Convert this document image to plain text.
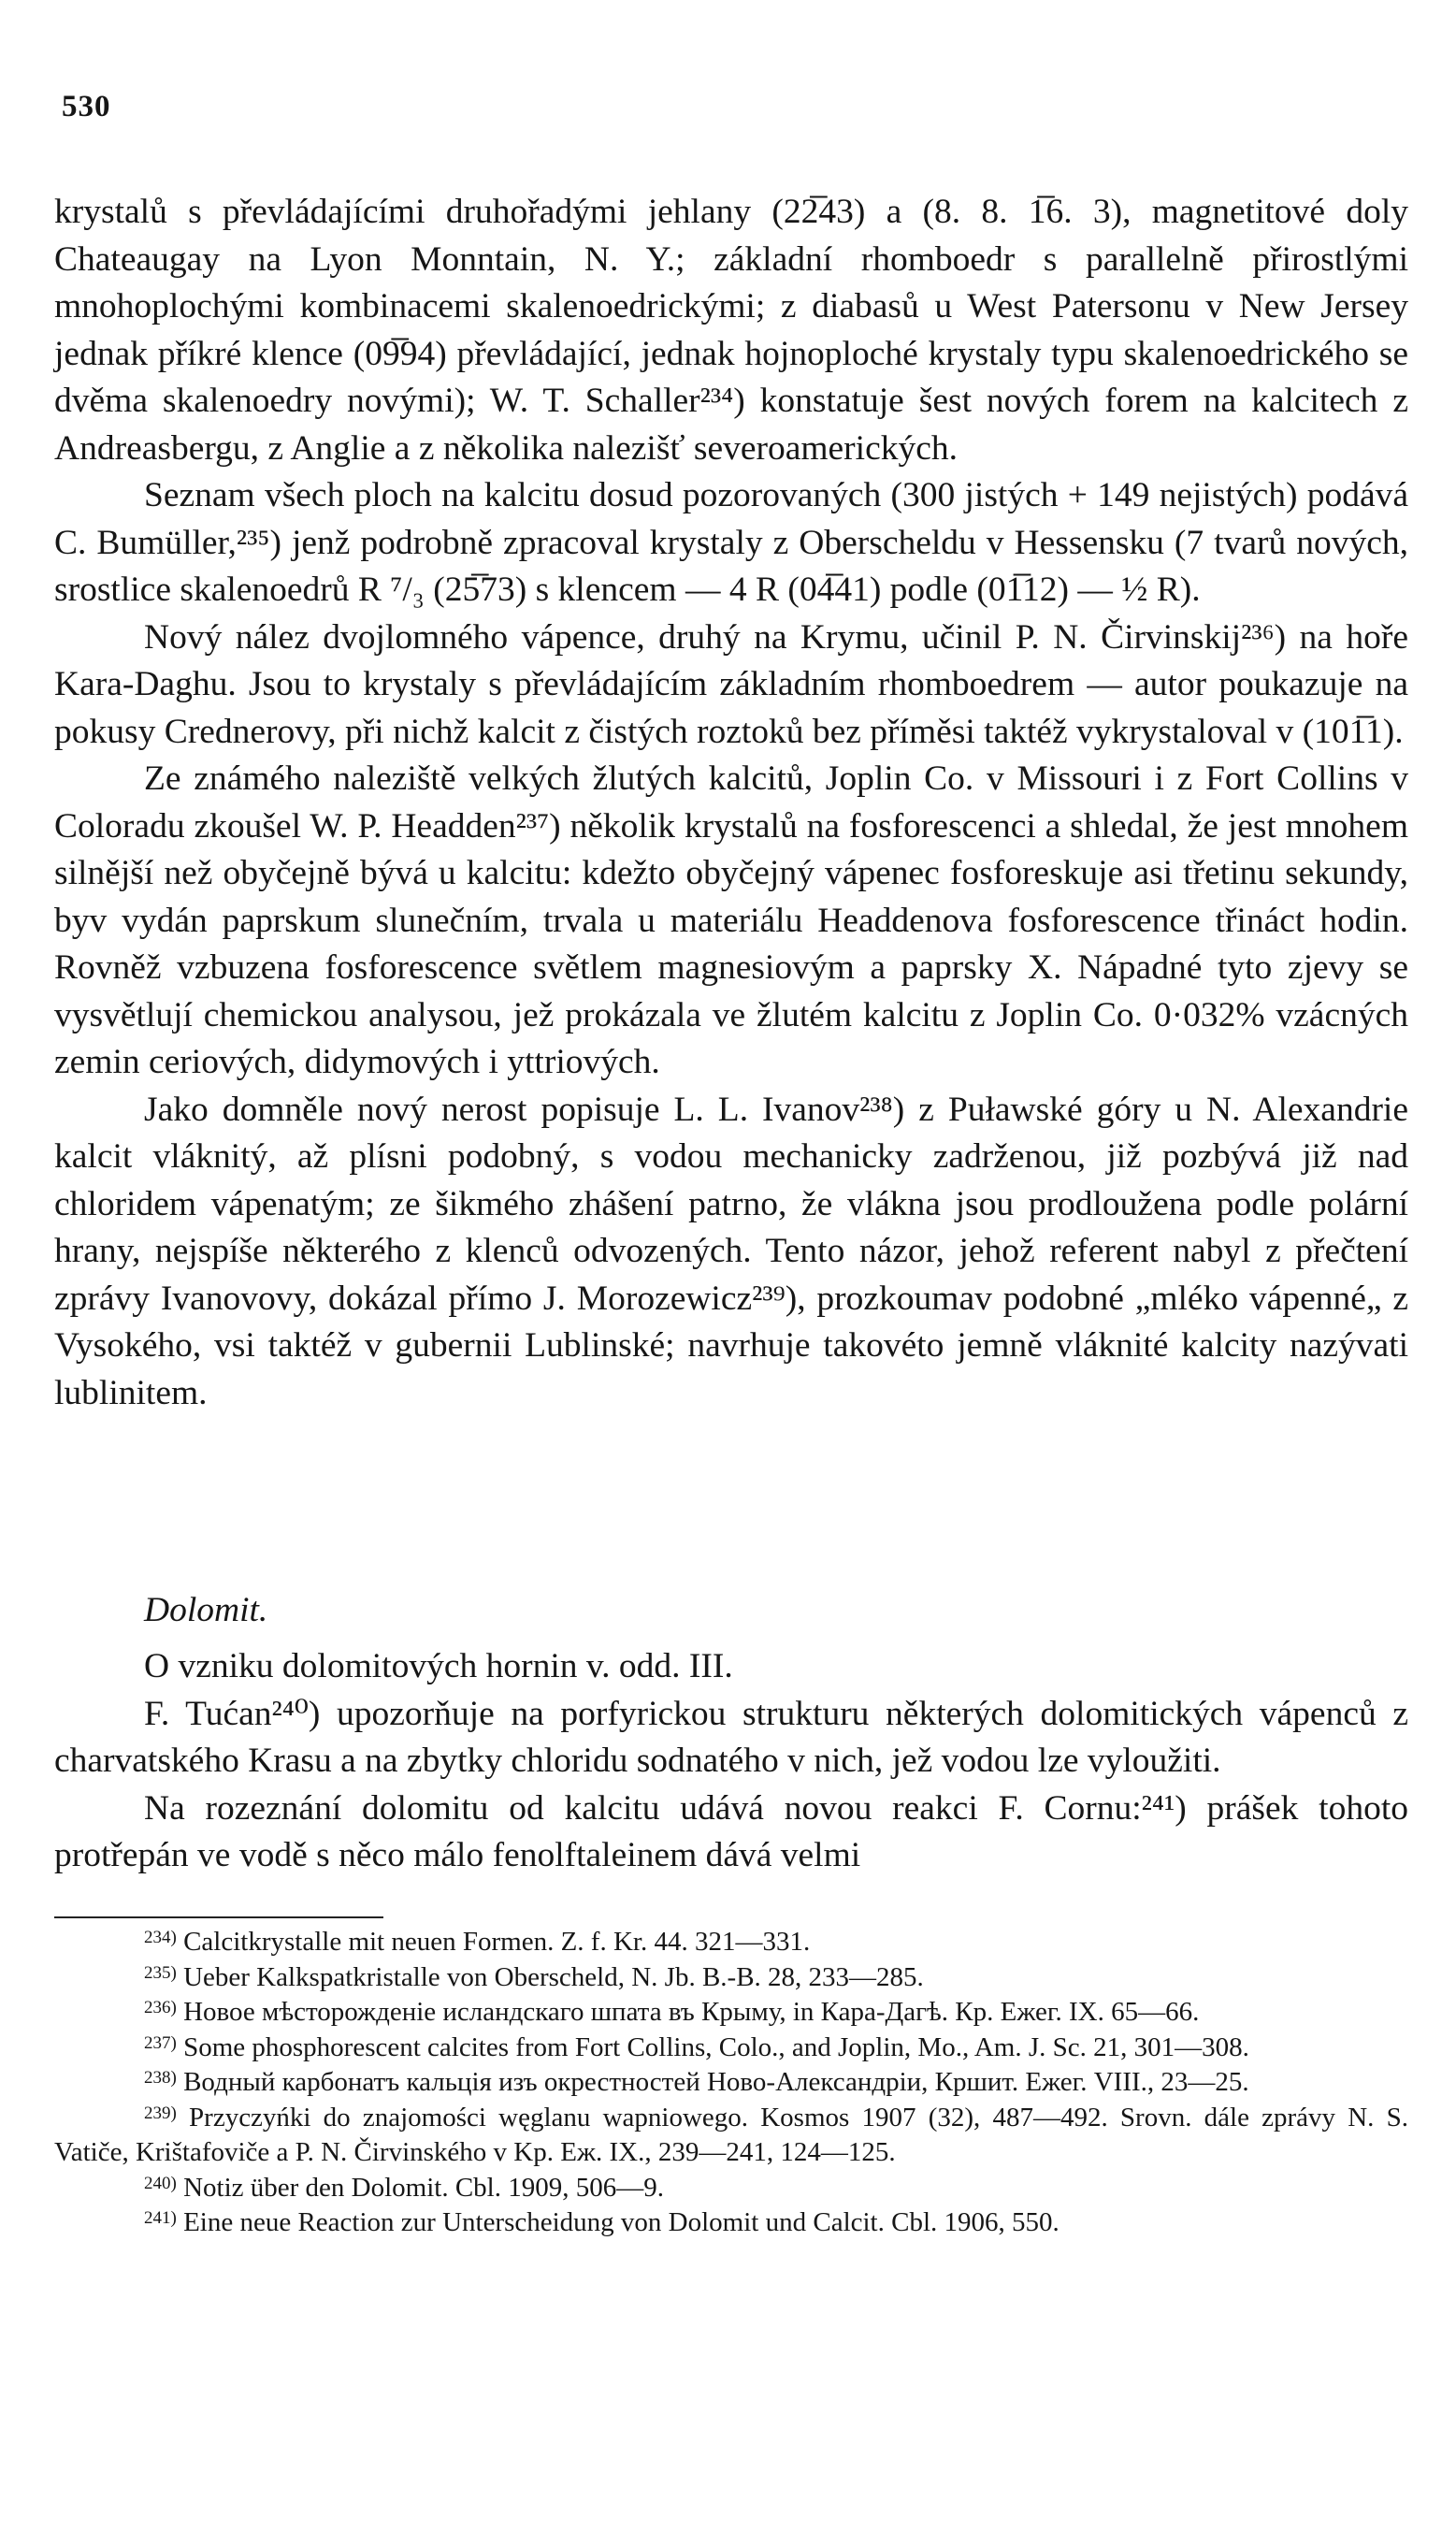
530

krystalů s převládajícími druhořadými jehlany (22̅43) a (8. 8. 1̅6. 3), magnetitové doly Chateaugay na Lyon Monntain, N. Y.; základní rhomboedr s parallelně přirostlými mnohoplochými kombinacemi skalenoedrickými; z diabasů u West Patersonu v New Jersey jednak příkré klence (09̅94) převládající, jednak hojnoploché krystaly typu skalenoedrického se dvěma skalenoedry novými); W. T. Schaller²³⁴) konstatuje šest nových forem na kalcitech z Andreasbergu, z Anglie a z několika nalezišť severoamerických.

Seznam všech ploch na kalcitu dosud pozorovaných (300 jistých + 149 nejistých) podává C. Bumüller,²³⁵) jenž podrobně zpracoval krystaly z Oberscheldu v Hessensku (7 tvarů nových, srostlice skalenoedrů R ⁷/₃ (25̅73) s klencem — 4 R (04̅41) podle (01̅12) — ½ R).

Nový nález dvojlomného vápence, druhý na Krymu, učinil P. N. Čirvinskij²³⁶) na hoře Kara-Daghu. Jsou to krystaly s převládajícím základním rhomboedrem — autor poukazuje na pokusy Crednerovy, při nichž kalcit z čistých roztoků bez příměsi taktéž vykrystaloval v (101̅1).

Ze známého naleziště velkých žlutých kalcitů, Joplin Co. v Missouri i z Fort Collins v Coloradu zkoušel W. P. Headden²³⁷) několik krystalů na fosforescenci a shledal, že jest mnohem silnější než obyčejně bývá u kalcitu: kdežto obyčejný vápenec fosforeskuje asi třetinu sekundy, byv vydán paprskum slunečním, trvala u materiálu Headdenova fosforescence třináct hodin. Rovněž vzbuzena fosforescence světlem magnesiovým a paprsky X. Nápadné tyto zjevy se vysvětlují chemickou analysou, jež prokázala ve žlutém kalcitu z Joplin Co. 0·032% vzácných zemin ceriových, didymových i yttriových.

Jako domněle nový nerost popisuje L. L. Ivanov²³⁸) z Puławské góry u N. Alexandrie kalcit vláknitý, až plísni podobný, s vodou mechanicky zadrženou, již pozbývá již nad chloridem vápenatým; ze šikmého zhášení patrno, že vlákna jsou prodloužena podle polární hrany, nejspíše některého z klenců odvozených. Tento názor, jehož referent nabyl z přečtení zprávy Ivanovovy, dokázal přímo J. Morozewicz²³⁹), prozkoumav podobné „mléko vápenné„ z Vysokého, vsi taktéž v gubernii Lublinské; navrhuje takovéto jemně vláknité kalcity nazývati lublinitem.

Dolomit.

O vzniku dolomitových hornin v. odd. III.

F. Tućan²⁴⁰) upozorňuje na porfyrickou strukturu některých dolomitických vápenců z charvatského Krasu a na zbytky chloridu sodnatého v nich, jež vodou lze vyloužiti.

Na rozeznání dolomitu od kalcitu udává novou reakci F. Cornu:²⁴¹) prášek tohoto protřepán ve vodě s něco málo fenolftaleinem dává velmi

$^{234)}$ Calcitkrystalle mit neuen Formen. Z. f. Kr. 44. 321—331.

$^{235)}$ Ueber Kalkspatkristalle von Oberscheld, N. Jb. B.-B. 28, 233—285.

$^{236)}$ Новое мѣсторожденіе исландскаго шпата въ Крыму, in Кара-Дагѣ. Кр. Ежег. IX. 65—66.

$^{237)}$ Some phosphorescent calcites from Fort Collins, Colo., and Joplin, Mo., Am. J. Sc. 21, 301—308.

$^{238)}$ Водный карбонатъ кальція изъ окрестностей Ново-Александріи, Кршит. Ежег. VIII., 23—25.

$^{239)}$ Przyczyńki do znajomości węglanu wapniowego. Kosmos 1907 (32), 487—492. Srovn. dále zprávy N. S. Vatiče, Krištafoviče a P. N. Čirvinského v Kp. Еж. IX., 239—241, 124—125.

$^{240)}$ Notiz über den Dolomit. Cbl. 1909, 506—9.

$^{241)}$ Eine neue Reaction zur Unterscheidung von Dolomit und Calcit. Cbl. 1906, 550.
